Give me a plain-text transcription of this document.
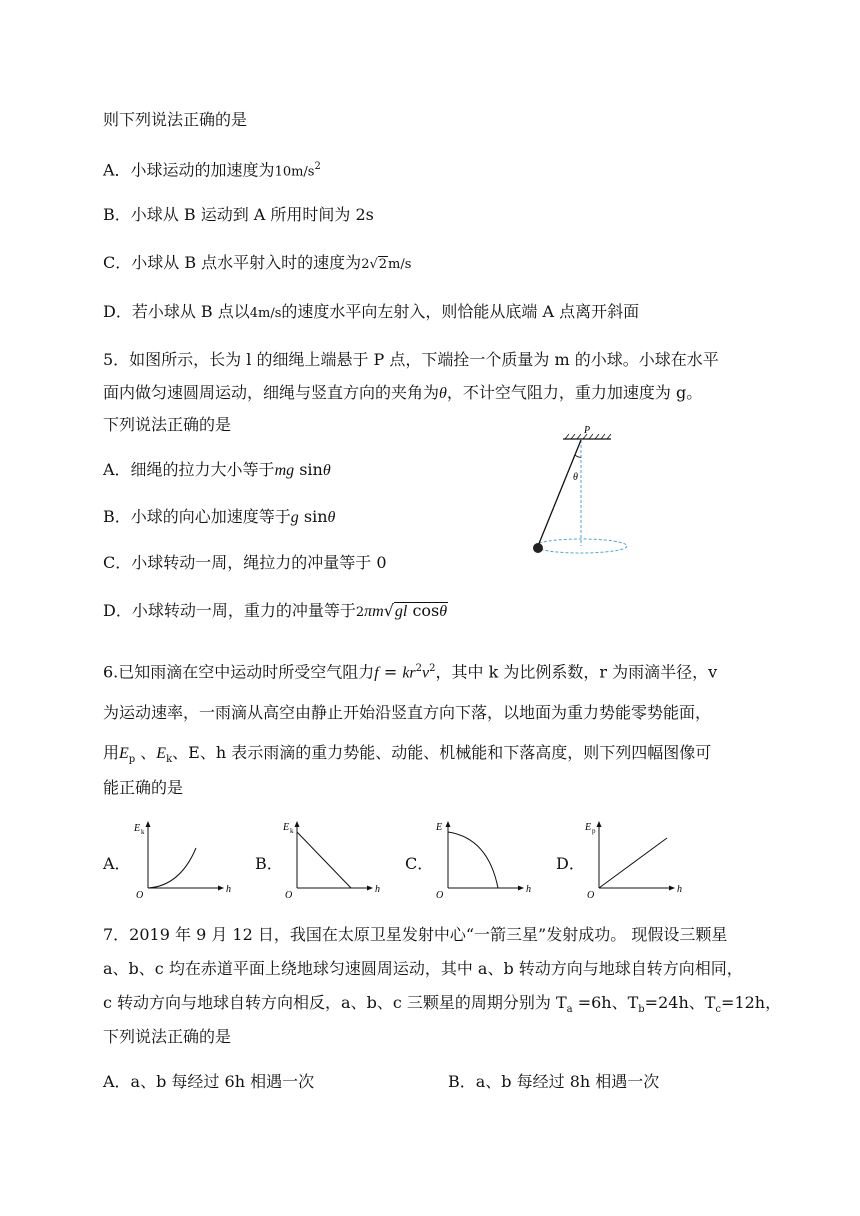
则下列说法正确的是
A．小球运动的加速度为$10m/s^2$
B．小球从 B 运动到 A 所用时间为 2s
C．小球从 B 点水平射入时的速度为2√2m/s
D．若小球从 B 点以4m/s的速度水平向左射入，则恰能从底端 A 点离开斜面
5．如图所示，长为 l 的细绳上端悬于 P 点，下端拴一个质量为 m 的小球。小球在水平
面内做匀速圆周运动，细绳与竖直方向的夹角为θ，不计空气阻力，重力加速度为 g。
下列说法正确的是
A．细绳的拉力大小等于mg sinθ
B．小球的向心加速度等于g sinθ
C．小球转动一周，绳拉力的冲量等于 0
D．小球转动一周，重力的冲量等于2πm√gl cosθ
P
θ
6.已知雨滴在空中运动时所受空气阻力$f = kr^2v^2$，其中 k 为比例系数，r 为雨滴半径，v
为运动速率，一雨滴从高空由静止开始沿竖直方向下落，以地面为重力势能零势能面，
用$E_p$ 、$E_k$、E、h 表示雨滴的重力势能、动能、机械能和下落高度，则下列四幅图像可
能正确的是
A．	B．	C．	D．
E k
h
O
E k
h
O
E
h
O
E p
h
O
7．2019 年 9 月 12 日，我国在太原卫星发射中心“一箭三星”发射成功。 现假设三颗星
a、b、c 均在赤道平面上绕地球匀速圆周运动，其中 a、b 转动方向与地球自转方向相同，
c 转动方向与地球自转方向相反，a、b、c 三颗星的周期分别为 $T_a =6h$、$T_b=24h$、$T_c=12h$，
下列说法正确的是
A．a、b 每经过 6h 相遇一次	B．a、b 每经过 8h 相遇一次
